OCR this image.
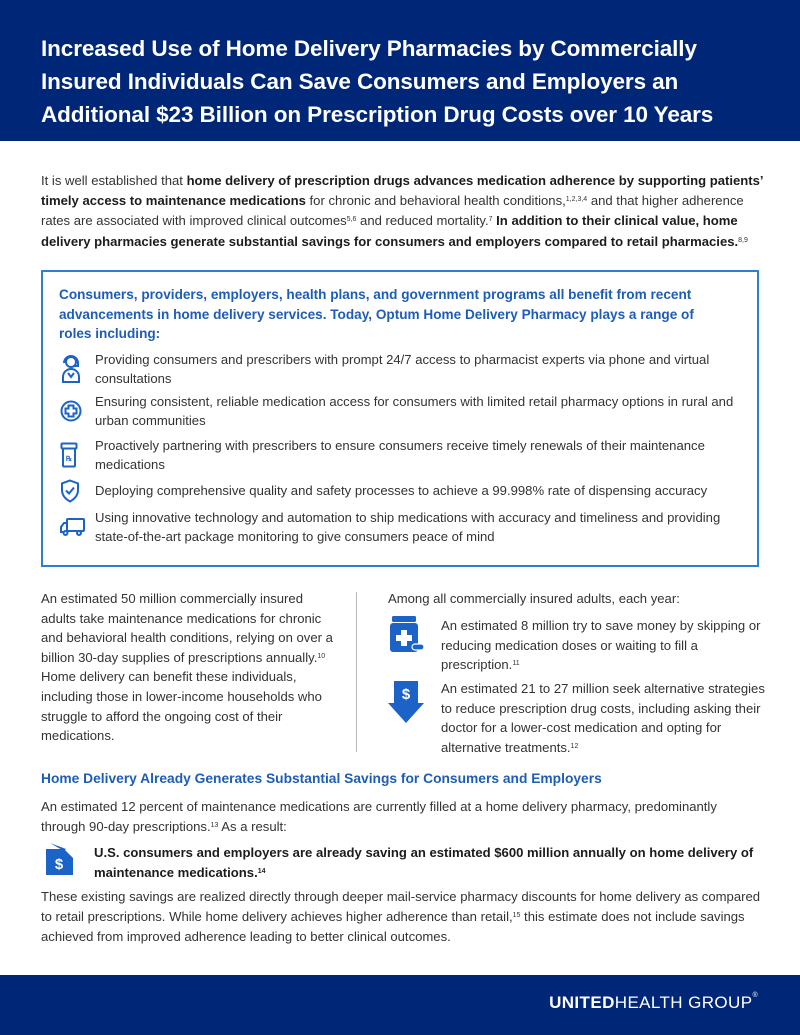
Increased Use of Home Delivery Pharmacies by Commercially Insured Individuals Can Save Consumers and Employers an Additional $23 Billion on Prescription Drug Costs over 10 Years

It is well established that home delivery of prescription drugs advances medication adherence by supporting patients’ timely access to maintenance medications for chronic and behavioral health conditions,$^{1,2,3,4}$ and that higher adherence rates are associated with improved clinical outcomes$^{5,6}$ and reduced mortality.$^7$ In addition to their clinical value, home delivery pharmacies generate substantial savings for consumers and employers compared to retail pharmacies.$^{8,9}$

Consumers, providers, employers, health plans, and government programs all benefit from recent advancements in home delivery services. Today, Optum Home Delivery Pharmacy plays a range of roles including:
Providing consumers and prescribers with prompt 24/7 access to pharmacist experts via phone and virtual consultations
Ensuring consistent, reliable medication access for consumers with limited retail pharmacy options in rural and urban communities
℞
Proactively partnering with prescribers to ensure consumers receive timely renewals of their maintenance medications
Deploying comprehensive quality and safety processes to achieve a 99.998% rate of dispensing accuracy
Using innovative technology and automation to ship medications with accuracy and timeliness and providing state-of-the-art package monitoring to give consumers peace of mind

An estimated 50 million commercially insured adults take maintenance medications for chronic and behavioral health conditions, relying on over a billion 30-day supplies of prescriptions annually.$^{10}$ Home delivery can benefit these individuals, including those in lower-income households who struggle to afford the ongoing cost of their medications.

Among all commercially insured adults, each year:

An estimated 8 million try to save money by skipping or reducing medication doses or waiting to fill a prescription.$^{11}$

$ An estimated 21 to 27 million seek alternative strategies to reduce prescription drug costs, including asking their doctor for a lower-cost medication and opting for alternative treatments.$^{12}$

Home Delivery Already Generates Substantial Savings for Consumers and Employers

An estimated 12 percent of maintenance medications are currently filled at a home delivery pharmacy, predominantly through 90-day prescriptions.$^{13}$ As a result:

$

U.S. consumers and employers are already saving an estimated $600 million annually on home delivery of maintenance medications.$^{14}$

These existing savings are realized directly through deeper mail-service pharmacy discounts for home delivery as compared to retail prescriptions. While home delivery achieves higher adherence than retail,$^{15}$ this estimate does not include savings achieved from improved adherence leading to better clinical outcomes.

UNITEDHEALTH GROUP®
